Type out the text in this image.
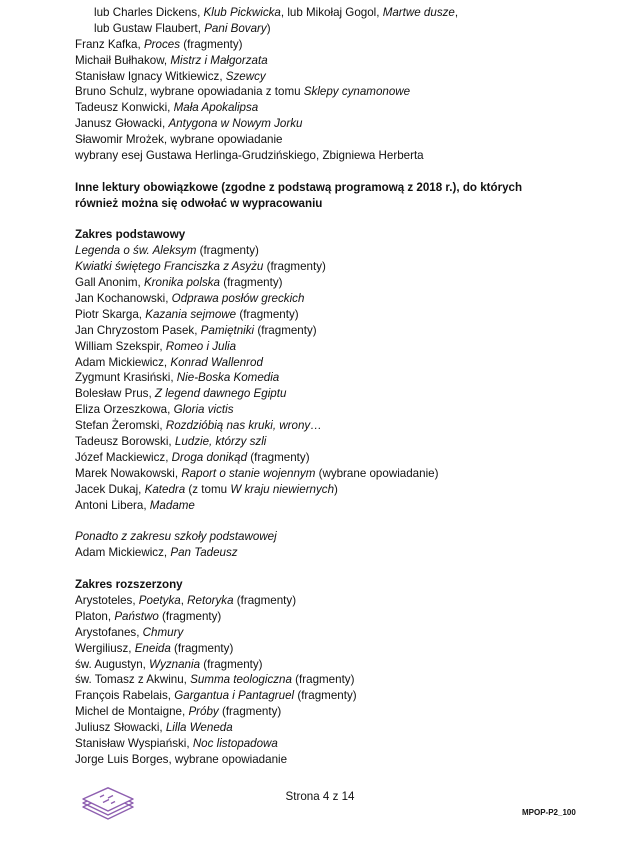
lub Charles Dickens, Klub Pickwicka, lub Mikołaj Gogol, Martwe dusze,
lub Gustaw Flaubert, Pani Bovary)
Franz Kafka, Proces (fragmenty)
Michaił Bułhakow, Mistrz i Małgorzata
Stanisław Ignacy Witkiewicz, Szewcy
Bruno Schulz, wybrane opowiadania z tomu Sklepy cynamonowe
Tadeusz Konwicki, Mała Apokalipsa
Janusz Głowacki, Antygona w Nowym Jorku
Sławomir Mrożek, wybrane opowiadanie
wybrany esej Gustawa Herlinga-Grudzińskiego, Zbigniewa Herberta
Inne lektury obowiązkowe (zgodne z podstawą programową z 2018 r.), do których
również można się odwołać w wypracowaniu
Zakres podstawowy
Legenda o św. Aleksym (fragmenty)
Kwiatki świętego Franciszka z Asyżu (fragmenty)
Gall Anonim, Kronika polska (fragmenty)
Jan Kochanowski, Odprawa posłów greckich
Piotr Skarga, Kazania sejmowe (fragmenty)
Jan Chryzostom Pasek, Pamiętniki (fragmenty)
William Szekspir, Romeo i Julia
Adam Mickiewicz, Konrad Wallenrod
Zygmunt Krasiński, Nie-Boska Komedia
Bolesław Prus, Z legend dawnego Egiptu
Eliza Orzeszkowa, Gloria victis
Stefan Żeromski, Rozdzióbią nas kruki, wrony…
Tadeusz Borowski, Ludzie, którzy szli
Józef Mackiewicz, Droga donikąd (fragmenty)
Marek Nowakowski, Raport o stanie wojennym (wybrane opowiadanie)
Jacek Dukaj, Katedra (z tomu W kraju niewiernych)
Antoni Libera, Madame
Ponadto z zakresu szkoły podstawowej
Adam Mickiewicz, Pan Tadeusz
Zakres rozszerzony
Arystoteles, Poetyka, Retoryka (fragmenty)
Platon, Państwo (fragmenty)
Arystofanes, Chmury
Wergiliusz, Eneida (fragmenty)
św. Augustyn, Wyznania (fragmenty)
św. Tomasz z Akwinu, Summa teologiczna (fragmenty)
François Rabelais, Gargantua i Pantagruel (fragmenty)
Michel de Montaigne, Próby (fragmenty)
Juliusz Słowacki, Lilla Weneda
Stanisław Wyspiański, Noc listopadowa
Jorge Luis Borges, wybrane opowiadanie
Strona 4 z 14
MPOP-P2_100
